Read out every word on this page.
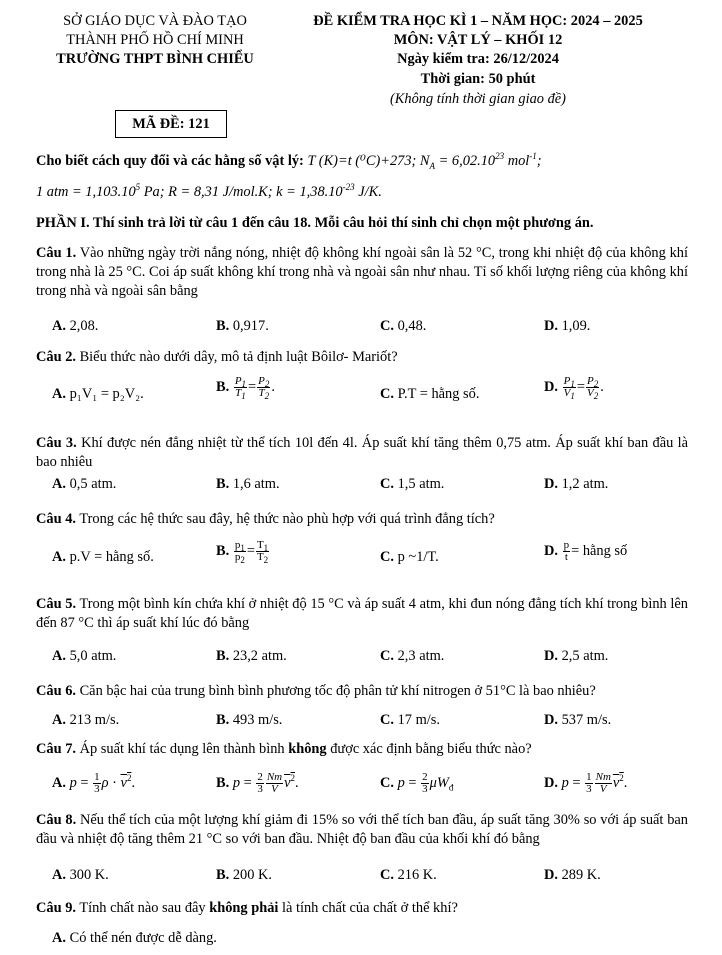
SỞ GIÁO DỤC VÀ ĐÀO TẠO
THÀNH PHỐ HỒ CHÍ MINH
TRƯỜNG THPT BÌNH CHIỂU
ĐỀ KIỂM TRA HỌC KÌ 1 – NĂM HỌC: 2024 – 2025
MÔN: VẬT LÝ – KHỐI 12
Ngày kiểm tra: 26/12/2024
Thời gian: 50 phút
(Không tính thời gian giao đề)
MÃ ĐỀ: 121
Cho biết cách quy đổi và các hằng số vật lý: T (K)=t (⁰C)+273; $N_A = 6,02.10^{23}$ mol$^{-1}$;
1 atm = $1,103.10^5$ Pa; R = 8,31 J/mol.K; $k = 1,38.10^{-23}$ J/K.
PHẦN I. Thí sinh trả lời từ câu 1 đến câu 18. Mỗi câu hỏi thí sinh chỉ chọn một phương án.
Câu 1. Vào những ngày trời nắng nóng, nhiệt độ không khí ngoài sân là 52 °C, trong khi nhiệt độ của không khí trong nhà là 25 °C. Coi áp suất không khí trong nhà và ngoài sân như nhau. Tỉ số khối lượng riêng của không khí trong nhà và ngoài sân bằng
A. 2,08.	B. 0,917.	C. 0,48.	D. 1,09.
Câu 2. Biểu thức nào dưới dây, mô tả định luật Bôilơ- Mariốt?
A. p₁V₁ = p₂V₂.	B. $\frac{P_1}{T_1} = \frac{P_2}{T_2}$ .	C. P.T = hằng số.	D. $\frac{P_1}{V_1} = \frac{P_2}{V_2}$ .
Câu 3. Khí được nén đẳng nhiệt từ thể tích 10l đến 4l. Áp suất khí tăng thêm 0,75 atm. Áp suất khí ban đầu là bao nhiêu
A. 0,5 atm.	B. 1,6 atm.	C. 1,5 atm.	D. 1,2 atm.
Câu 4. Trong các hệ thức sau đây, hệ thức nào phù hợp với quá trình đẳng tích?
A. p.V = hằng số.	B. $\frac{p_1}{p_2} = \frac{T_1}{T_2}$	C. p ~1/T.	D. $\frac{p}{t}$ = hằng số
Câu 5. Trong một bình kín chứa khí ở nhiệt độ 15 °C và áp suất 4 atm, khi đun nóng đẳng tích khí trong bình lên đến 87 °C thì áp suất khí lúc đó bằng
A. 5,0 atm.	B. 23,2 atm.	C. 2,3 atm.	D. 2,5 atm.
Câu 6. Căn bậc hai của trung bình bình phương tốc độ phân tử khí nitrogen ở 51°C là bao nhiêu?
A. 213 m/s.	B. 493 m/s.	C. 17 m/s.	D. 537 m/s.
Câu 7. Áp suất khí tác dụng lên thành bình không được xác định bằng biểu thức nào?
A. $p = \frac{1}{3}$ $\rho \cdot v^2$.	B. $p = \frac{2}{3} \frac{Nm}{V} v^2$.	C. $p = \frac{2}{3} \mu W_đ$	D. $p = \frac{1}{3} \frac{Nm}{V} v^2$.
Câu 8. Nếu thể tích của một lượng khí giảm đi 15% so với thể tích ban đầu, áp suất tăng 30% so với áp suất ban đầu và nhiệt độ tăng thêm 21 °C so với ban đầu. Nhiệt độ ban đầu của khối khí đó bằng
A. 300 K.	B. 200 K.	C. 216 K.	D. 289 K.
Câu 9. Tính chất nào sau đây không phải là tính chất của chất ở thể khí?
A. Có thể nén được dễ dàng.
